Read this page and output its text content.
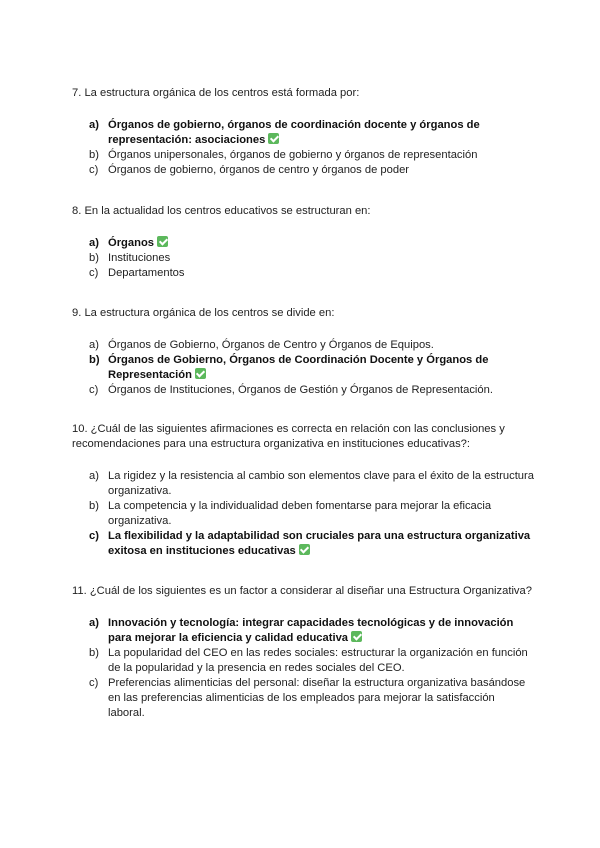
7. La estructura orgánica de los centros está formada por:

a) Órganos de gobierno, órganos de coordinación docente y órganos de representación: asociaciones
b) Órganos unipersonales, órganos de gobierno y órganos de representación
c) Órganos de gobierno, órganos de centro y órganos de poder

8. En la actualidad los centros educativos se estructuran en:

a) Órganos
b) Instituciones
c) Departamentos

9. La estructura orgánica de los centros se divide en:

a) Órganos de Gobierno, Órganos de Centro y Órganos de Equipos.
b) Órganos de Gobierno, Órganos de Coordinación Docente y Órganos de Representación
c) Órganos de Instituciones, Órganos de Gestión y Órganos de Representación.

10. ¿Cuál de las siguientes afirmaciones es correcta en relación con las conclusiones y recomendaciones para una estructura organizativa en instituciones educativas?:

a) La rigidez y la resistencia al cambio son elementos clave para el éxito de la estructura organizativa.
b) La competencia y la individualidad deben fomentarse para mejorar la eficacia organizativa.
c) La flexibilidad y la adaptabilidad son cruciales para una estructura organizativa exitosa en instituciones educativas

11. ¿Cuál de los siguientes es un factor a considerar al diseñar una Estructura Organizativa?

a) Innovación y tecnología: integrar capacidades tecnológicas y de innovación para mejorar la eficiencia y calidad educativa
b) La popularidad del CEO en las redes sociales: estructurar la organización en función de la popularidad y la presencia en redes sociales del CEO.
c) Preferencias alimenticias del personal: diseñar la estructura organizativa basándose en las preferencias alimenticias de los empleados para mejorar la satisfacción laboral.
